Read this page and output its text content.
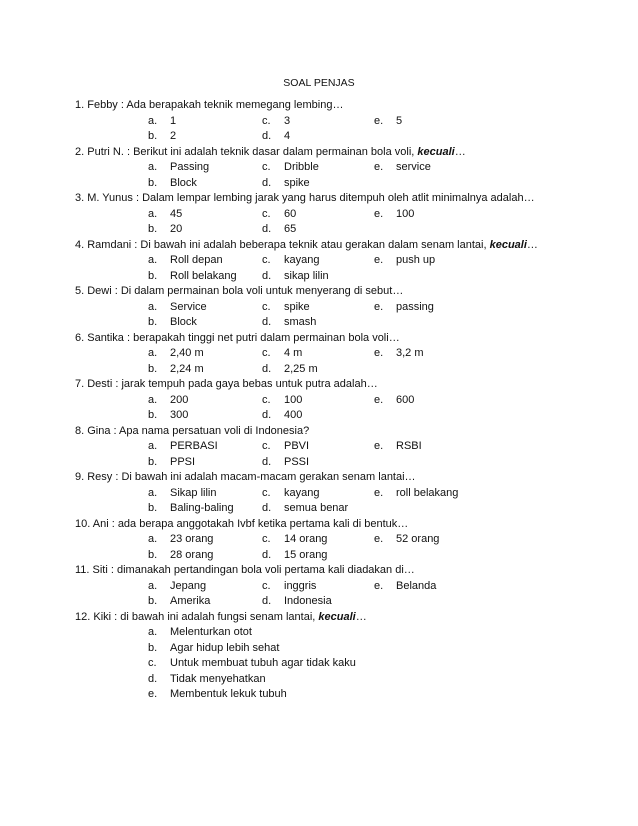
SOAL PENJAS
1. Febby : Ada berapakah teknik memegang lembing…
a. 1	c. 3	e. 5
b. 2	d. 4
2. Putri N. : Berikut ini adalah teknik dasar dalam permainan bola voli, kecuali…
a. Passing	c. Dribble	e. service
b. Block	d. spike
3. M. Yunus : Dalam lempar lembing jarak yang harus ditempuh oleh atlit minimalnya adalah…
a. 45	c. 60	e. 100
b. 20	d. 65
4. Ramdani : Di bawah ini adalah beberapa teknik atau gerakan dalam senam lantai, kecuali…
a. Roll depan	c. kayang	e. push up
b. Roll belakang d. sikap lilin
5. Dewi : Di dalam permainan bola voli untuk menyerang di sebut…
a. Service	c. spike	e. passing
b. Block	d. smash
6. Santika : berapakah tinggi net putri dalam permainan bola voli…
a. 2,40 m	c. 4 m	e. 3,2 m
b. 2,24 m	d. 2,25 m
7. Desti : jarak tempuh pada gaya bebas untuk putra adalah…
a. 200	c. 100	e. 600
b. 300	d. 400
8. Gina : Apa nama persatuan voli di Indonesia?
a. PERBASI	c. PBVI	e. RSBI
b. PPSI	d. PSSI
9. Resy : Di bawah ini adalah macam-macam gerakan senam lantai…
a. Sikap lilin	c. kayang	e. roll belakang
b. Baling-baling	d. semua benar
10. Ani : ada berapa anggotakah Ivbf ketika pertama kali di bentuk…
a. 23 orang	c. 14 orang	e. 52 orang
b. 28 orang	d. 15 orang
11. Siti : dimanakah pertandingan bola voli pertama kali diadakan di…
a. Jepang	c. inggris	e. Belanda
b. Amerika	d. Indonesia
12. Kiki : di bawah ini adalah fungsi senam lantai, kecuali…
a. Melenturkan otot
b. Agar hidup lebih sehat
c. Untuk membuat tubuh agar tidak kaku
d. Tidak menyehatkan
e. Membentuk lekuk tubuh
